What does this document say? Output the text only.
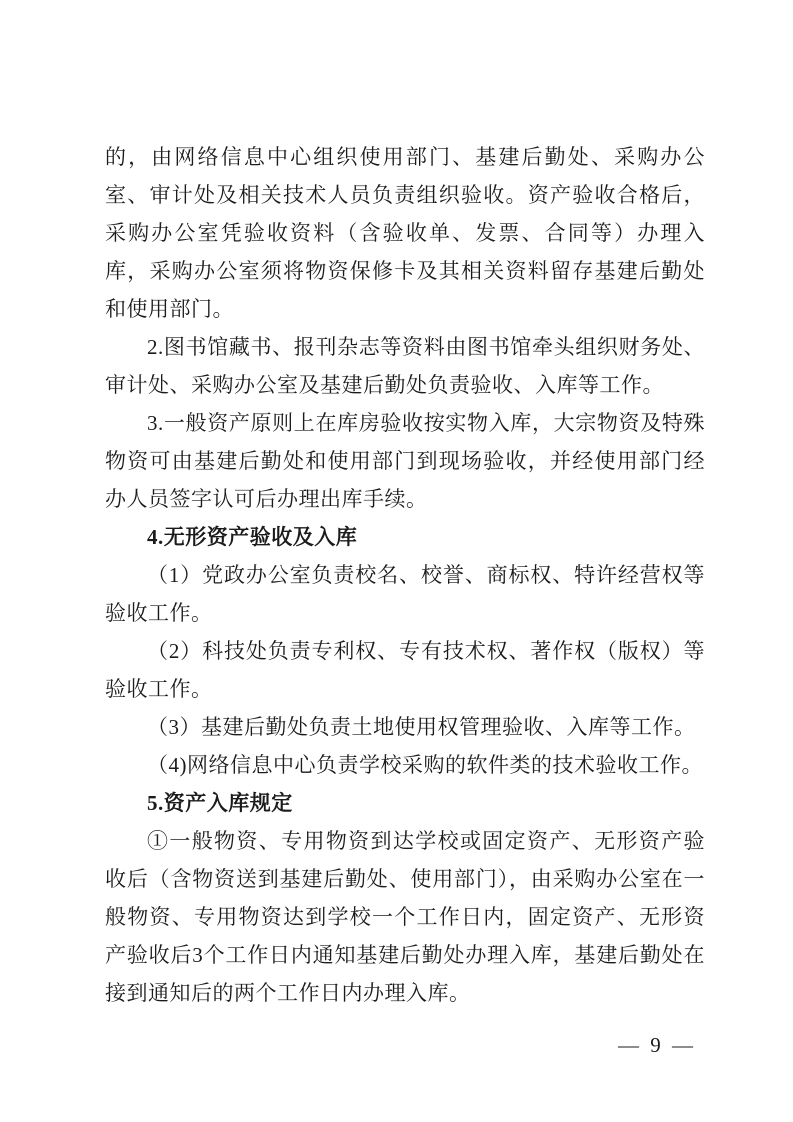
的，由网络信息中心组织使用部门、基建后勤处、采购办公室、审计处及相关技术人员负责组织验收。资产验收合格后，采购办公室凭验收资料（含验收单、发票、合同等）办理入库，采购办公室须将物资保修卡及其相关资料留存基建后勤处和使用部门。

2.图书馆藏书、报刊杂志等资料由图书馆牵头组织财务处、审计处、采购办公室及基建后勤处负责验收、入库等工作。

3.一般资产原则上在库房验收按实物入库，大宗物资及特殊物资可由基建后勤处和使用部门到现场验收，并经使用部门经办人员签字认可后办理出库手续。

4.无形资产验收及入库

（1）党政办公室负责校名、校誉、商标权、特许经营权等验收工作。

（2）科技处负责专利权、专有技术权、著作权（版权）等验收工作。

（3）基建后勤处负责土地使用权管理验收、入库等工作。

（4)网络信息中心负责学校采购的软件类的技术验收工作。

5.资产入库规定

①一般物资、专用物资到达学校或固定资产、无形资产验收后（含物资送到基建后勤处、使用部门），由采购办公室在一般物资、专用物资达到学校一个工作日内，固定资产、无形资产验收后3个工作日内通知基建后勤处办理入库，基建后勤处在接到通知后的两个工作日内办理入库。

— 9 —
